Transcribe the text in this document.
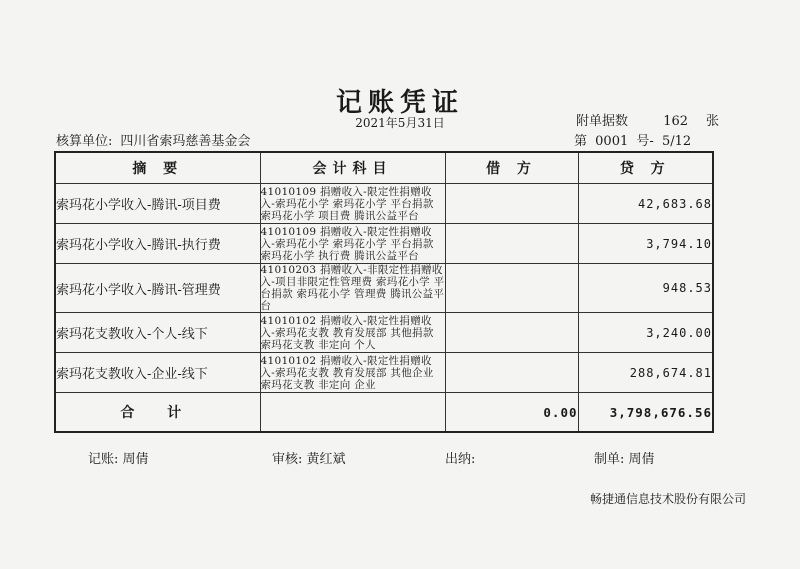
记账凭证
2021年5月31日	附单据数	162 张
核算单位: 四川省索玛慈善基金会	第 0001 号- 5/12
摘 要	会计科目	借 方	贷 方
索玛花小学收入-腾讯-项目费	41010109 捐赠收入-限定性捐赠收入-索玛花小学 索玛花小学 平台捐款 索玛花小学 项目费 腾讯公益平台		42,683.68
索玛花小学收入-腾讯-执行费	41010109 捐赠收入-限定性捐赠收入-索玛花小学 索玛花小学 平台捐款 索玛花小学 执行费 腾讯公益平台		3,794.10
索玛花小学收入-腾讯-管理费	41010203 捐赠收入-非限定性捐赠收入-项目非限定性管理费 索玛花小学 平台捐款 索玛花小学 管理费 腾讯公益平台		948.53
索玛花支教收入-个人-线下	41010102 捐赠收入-限定性捐赠收入-索玛花支教 教育发展部 其他捐款 索玛花支教 非定向 个人		3,240.00
索玛花支教收入-企业-线下	41010102 捐赠收入-限定性捐赠收入-索玛花支教 教育发展部 其他企业 索玛花支教 非定向 企业		288,674.81
合 计		0.00	3,798,676.56
记账: 周倩	审核: 黄红斌	出纳:	制单: 周倩
畅捷通信息技术股份有限公司
